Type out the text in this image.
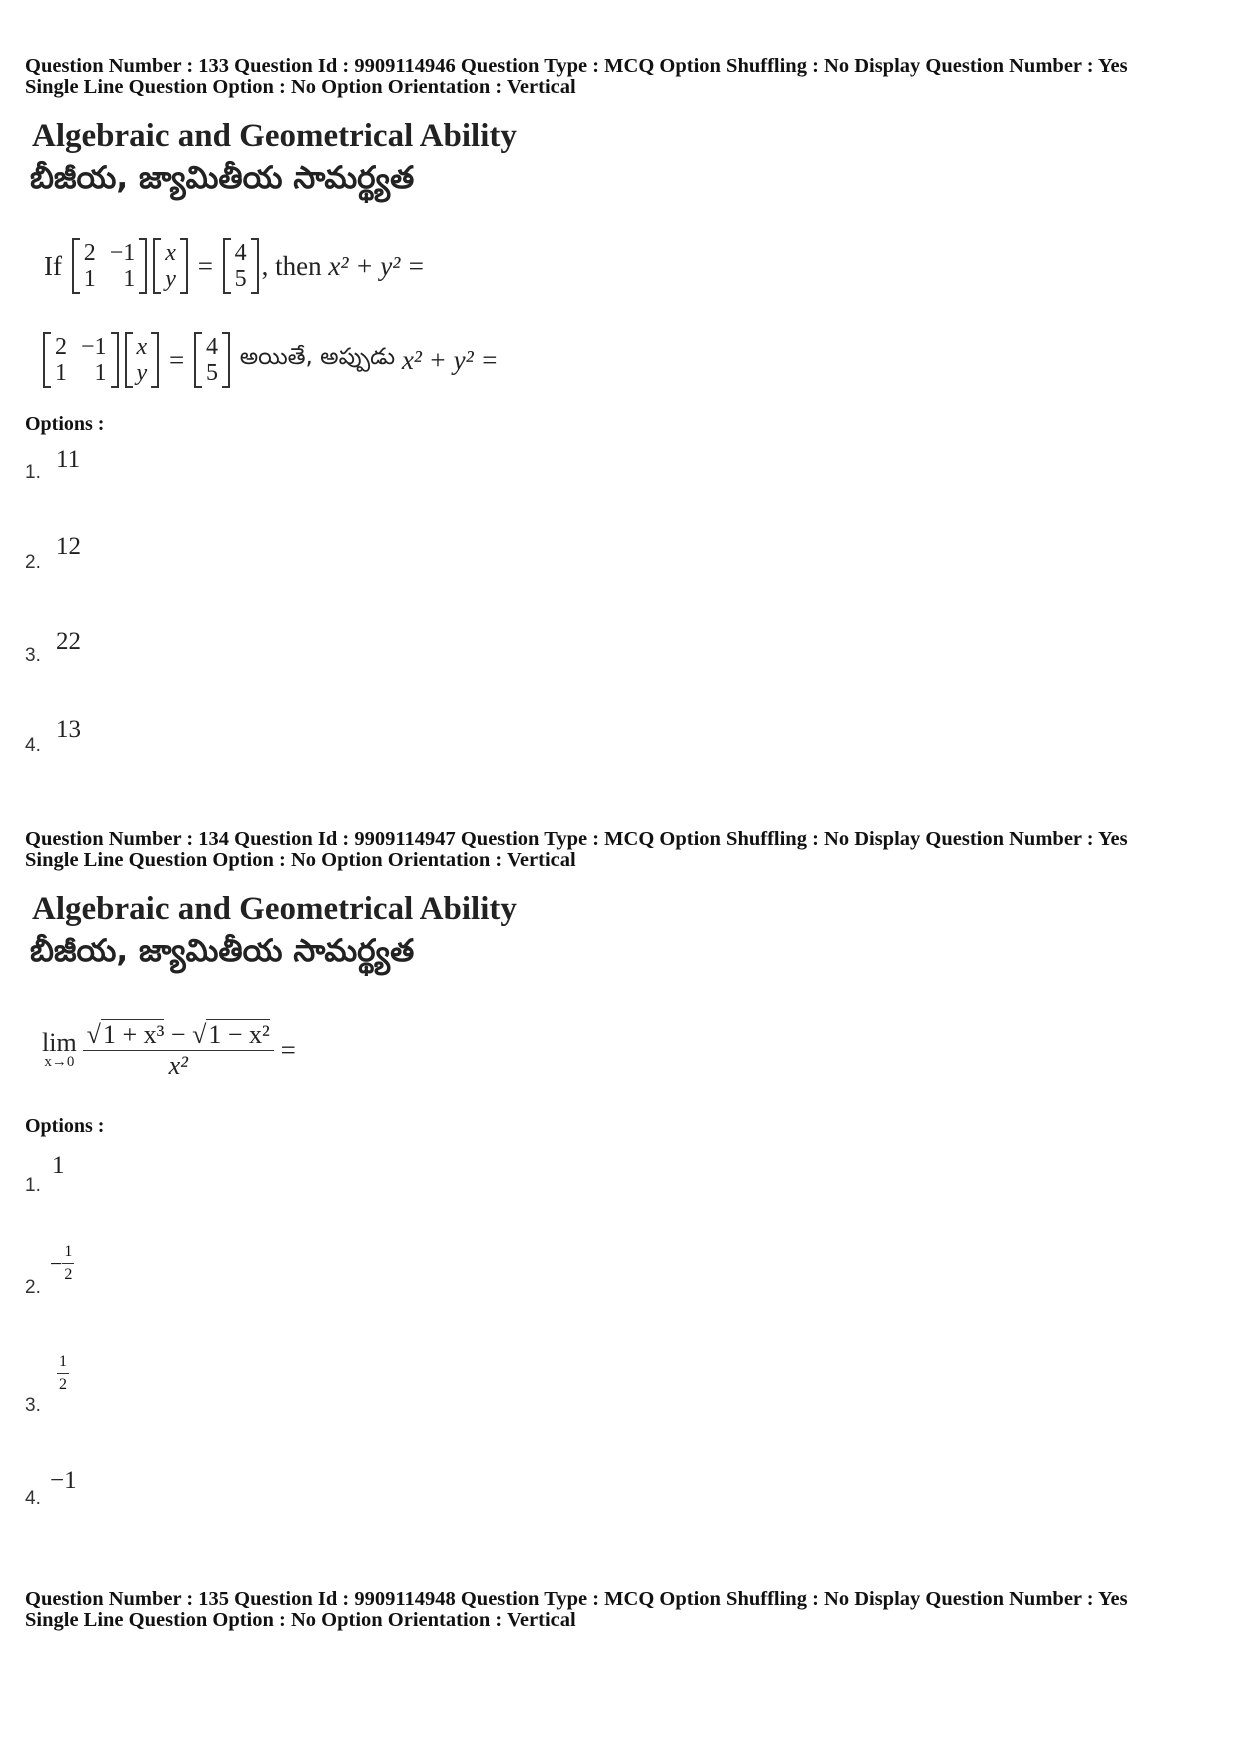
Question Number : 133 Question Id : 9909114946 Question Type : MCQ Option Shuffling : No Display Question Number : Yes
Single Line Question Option : No Option Orientation : Vertical
Algebraic and Geometrical Ability
బీజీయ, జ్యామితీయ సామర్థ్యత
If
2 −1
1	1
x
y = 4
5 , then
x² + y² =
2 −1
1	1
x
y = 4
5

అయితే, అప్పుడు
x² + y² =
Options :
1. 11
2.
12
3.
22
4.
13
Question Number : 134 Question Id : 9909114947 Question Type : MCQ Option Shuffling : No Display Question Number : Yes
Single Line Question Option : No Option Orientation : Vertical
Algebraic and Geometrical Ability
బీజీయ, జ్యామితీయ సామర్థ్యత
lim
$x\to 0 \frac{\text{√1 + x³ − √1 − x²}}{\text{x²}}$
=
Options :
1.
1
2.
− $\frac{1}{2}$
3.
$\frac{1}{2}$
4.
−1
Question Number : 135 Question Id : 9909114948 Question Type : MCQ Option Shuffling : No Display Question Number : Yes
Single Line Question Option : No Option Orientation : Vertical
